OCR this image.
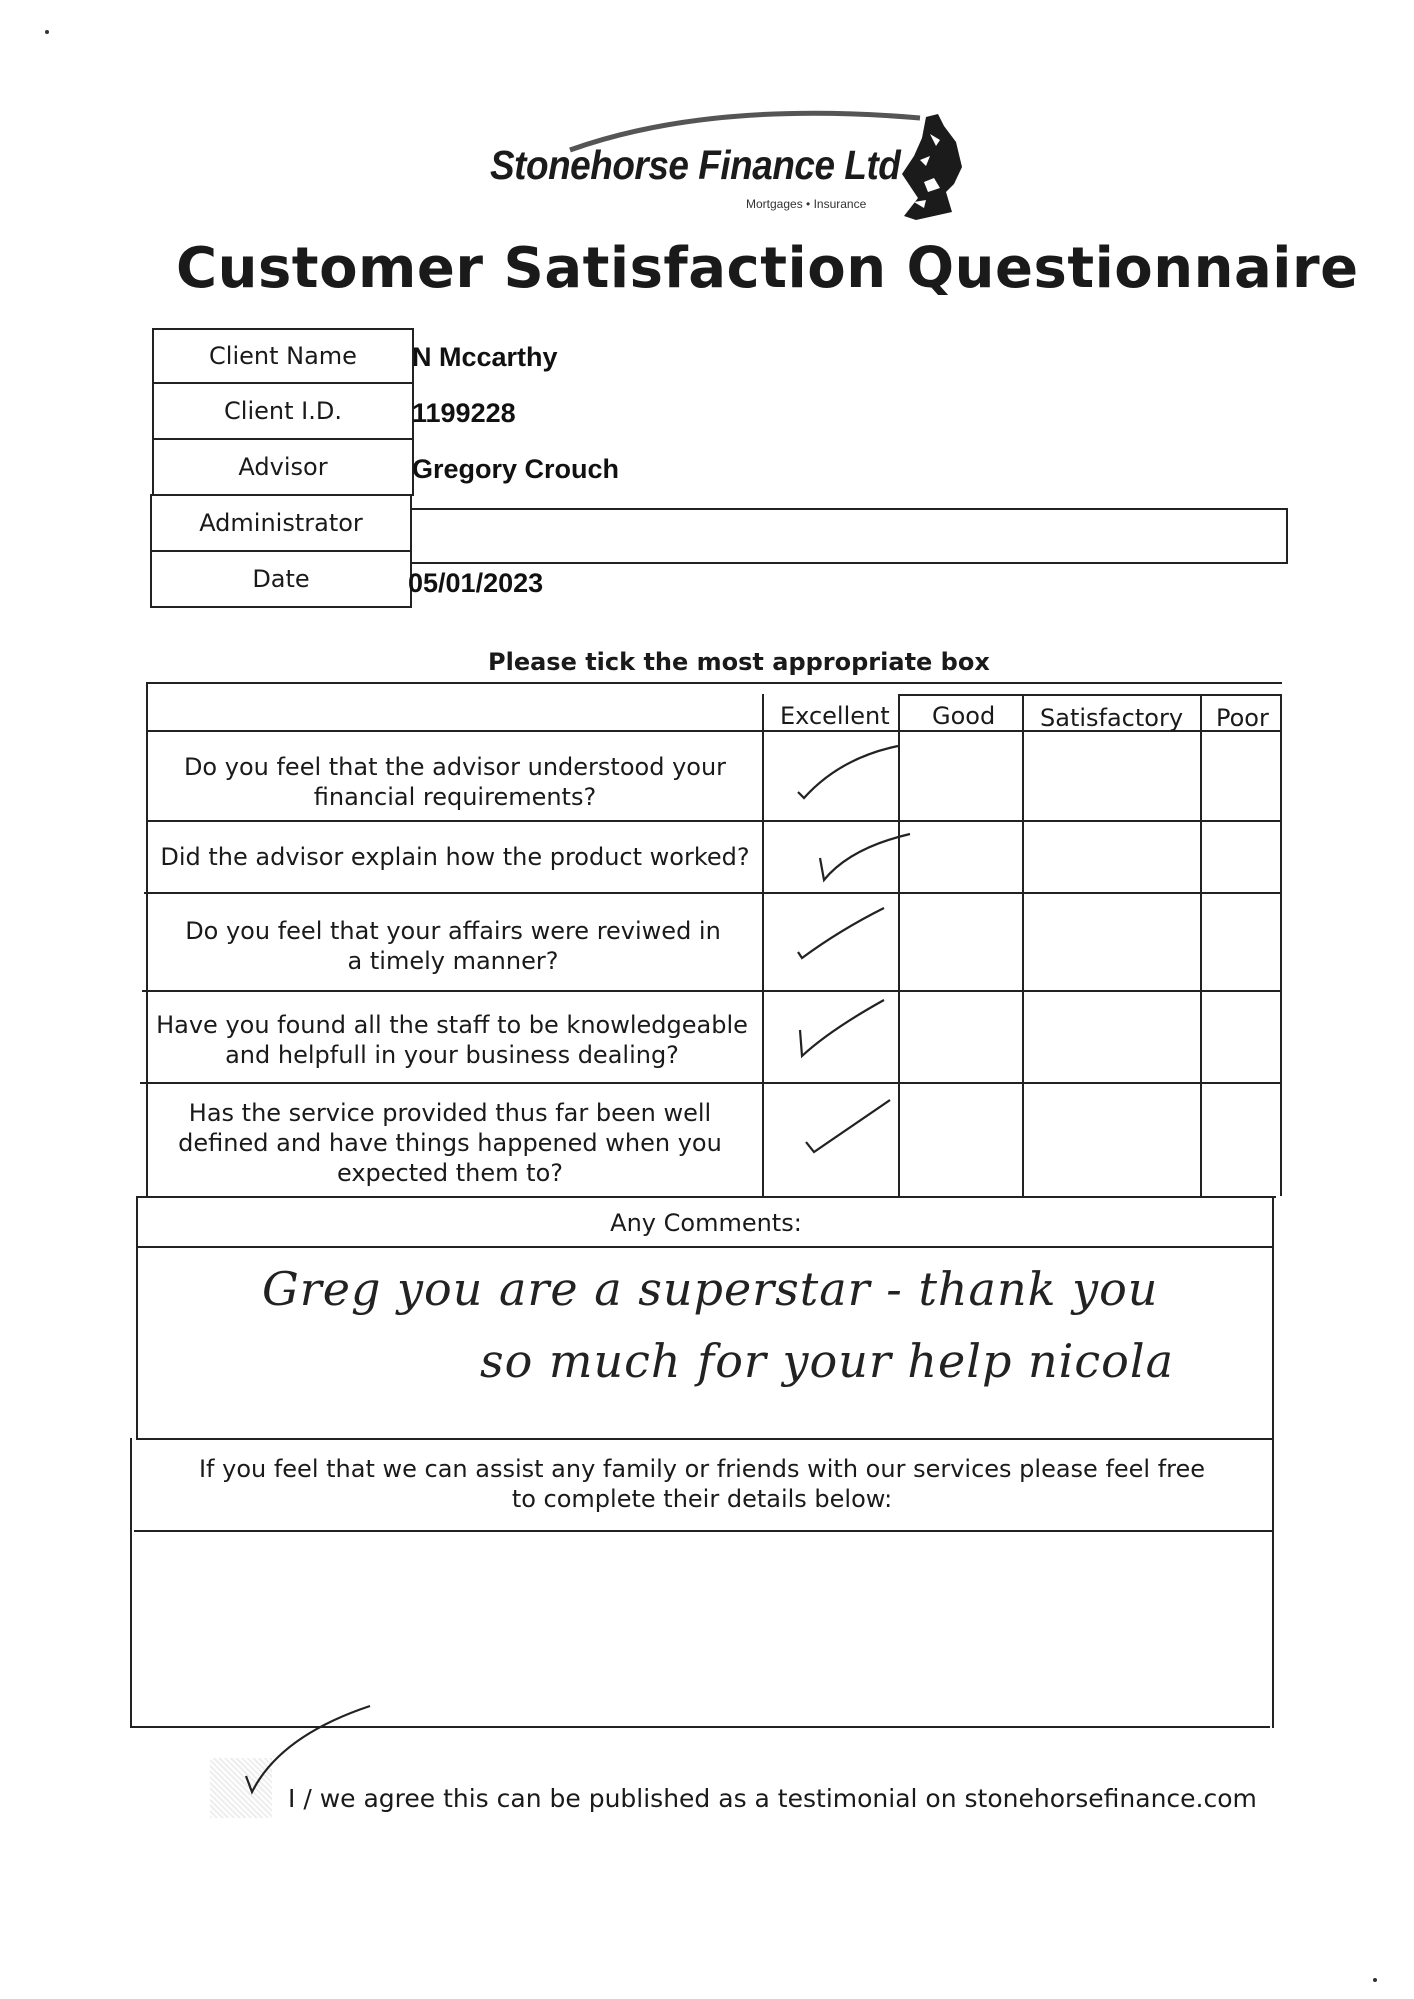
Stonehorse Finance Ltd
Mortgages • Insurance
Customer Satisfaction Questionnaire
Client Name
Client I.D.
Advisor
Administrator
Date
N Mccarthy
1199228
Gregory Crouch
05/01/2023
Please tick the most appropriate box
Excellent Good Satisfactory Poor
Do you feel that the advisor understood your
financial requirements?
Did the advisor explain how the product worked?
Do you feel that your affairs were reviwed in
a timely manner?
Have you found all the staff to be knowledgeable
and helpfull in your business dealing?
Has the service provided thus far been well
defined and have things happened when you
expected them to?
Any Comments:
Greg you are a superstar - thank you
so much for your help nicola
If you feel that we can assist any family or friends with our services please feel free
to complete their details below:
I / we agree this can be published as a testimonial on stonehorsefinance.com
